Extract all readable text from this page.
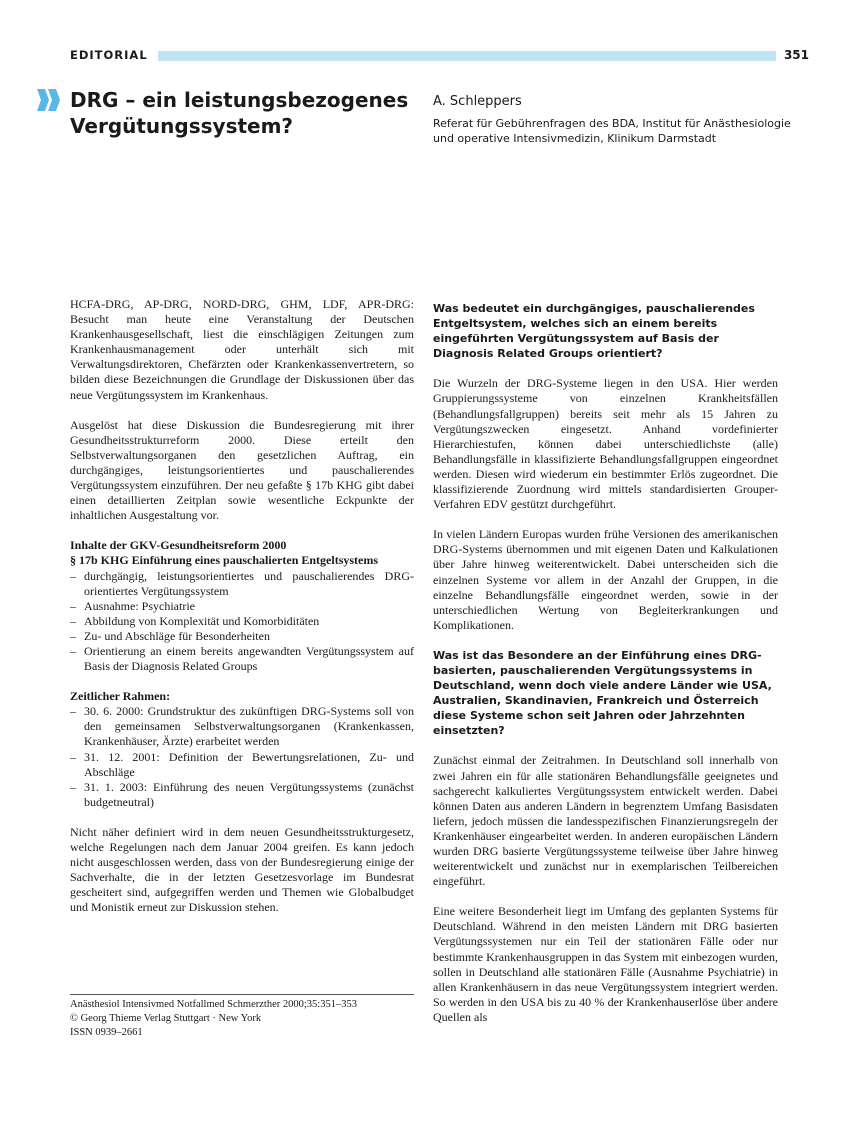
EDITORIAL	351
DRG – ein leistungsbezogenes
Vergütungssystem?
A. Schleppers
Referat für Gebührenfragen des BDA, Institut für Anästhesiologie
und operative Intensivmedizin, Klinikum Darmstadt

HCFA-DRG, AP-DRG, NORD-DRG, GHM, LDF, APR-DRG: Besucht man heute eine Veranstaltung der Deutschen Krankenhausgesellschaft, liest die einschlägigen Zeitungen zum Krankenhausmanagement oder unterhält sich mit Verwaltungsdirektoren, Chefärzten oder Krankenkassenvertretern, so bilden diese Bezeichnungen die Grundlage der Diskussionen über das neue Vergütungssystem im Krankenhaus.

Ausgelöst hat diese Diskussion die Bundesregierung mit ihrer Gesundheitsstrukturreform 2000. Diese erteilt den Selbstverwaltungsorganen den gesetzlichen Auftrag, ein durchgängiges, leistungsorientiertes und pauschalierendes Vergütungssystem einzuführen. Der neu gefaßte § 17b KHG gibt dabei einen detaillierten Zeitplan sowie wesentliche Eckpunkte der inhaltlichen Ausgestaltung vor.

Inhalte der GKV-Gesundheitsreform 2000
§ 17b KHG Einführung eines pauschalierten Entgeltsystems
– durchgängig, leistungsorientiertes und pauschalierendes DRG-orientiertes Vergütungssystem
– Ausnahme: Psychiatrie
– Abbildung von Komplexität und Komorbiditäten
– Zu- und Abschläge für Besonderheiten
– Orientierung an einem bereits angewandten Vergütungssystem auf Basis der Diagnosis Related Groups
Zeitlicher Rahmen:
– 30. 6. 2000: Grundstruktur des zukünftigen DRG-Systems soll von den gemeinsamen Selbstverwaltungsorganen (Krankenkassen, Krankenhäuser, Ärzte) erarbeitet werden
– 31. 12. 2001: Definition der Bewertungsrelationen, Zu- und Abschläge
– 31. 1. 2003: Einführung des neuen Vergütungssystems (zunächst budgetneutral)

Nicht näher definiert wird in dem neuen Gesundheitsstrukturgesetz, welche Regelungen nach dem Januar 2004 greifen. Es kann jedoch nicht ausgeschlossen werden, dass von der Bundesregierung einige der Sachverhalte, die in der letzten Gesetzesvorlage im Bundesrat gescheitert sind, aufgegriffen werden und Themen wie Globalbudget und Monistik erneut zur Diskussion stehen.

Anästhesiol Intensivmed Notfallmed Schmerzther 2000;35:351–353
© Georg Thieme Verlag Stuttgart · New York
ISSN 0939–2661
Was bedeutet ein durchgängiges, pauschalierendes Entgeltsystem, welches sich an einem bereits eingeführten Vergütungssystem auf Basis der Diagnosis Related Groups orientiert?

Die Wurzeln der DRG-Systeme liegen in den USA. Hier werden Gruppierungssysteme von einzelnen Krankheitsfällen (Behandlungsfallgruppen) bereits seit mehr als 15 Jahren zu Vergütungszwecken eingesetzt. Anhand vordefinierter Hierarchiestufen, können dabei unterschiedlichste (alle) Behandlungsfälle in klassifizierte Behandlungsfallgruppen eingeordnet werden. Diesen wird wiederum ein bestimmter Erlös zugeordnet. Die klassifizierende Zuordnung wird mittels standardisierten Grouper-Verfahren EDV gestützt durchgeführt.

In vielen Ländern Europas wurden frühe Versionen des amerikanischen DRG-Systems übernommen und mit eigenen Daten und Kalkulationen über Jahre hinweg weiterentwickelt. Dabei unterscheiden sich die einzelnen Systeme vor allem in der Anzahl der Gruppen, in die einzelne Behandlungsfälle eingeordnet werden, sowie in der unterschiedlichen Wertung von Begleiterkrankungen und Komplikationen.

Was ist das Besondere an der Einführung eines DRG-basierten, pauschalierenden Vergütungssystems in Deutschland, wenn doch viele andere Länder wie USA, Australien, Skandinavien, Frankreich und Österreich diese Systeme schon seit Jahren oder Jahrzehnten einsetzten?

Zunächst einmal der Zeitrahmen. In Deutschland soll innerhalb von zwei Jahren ein für alle stationären Behandlungsfälle geeignetes und sachgerecht kalkuliertes Vergütungssystem entwickelt werden. Dabei können Daten aus anderen Ländern in begrenztem Umfang Basisdaten liefern, jedoch müssen die landesspezifischen Finanzierungsregeln der Krankenhäuser eingearbeitet werden. In anderen europäischen Ländern wurden DRG basierte Vergütungssysteme teilweise über Jahre hinweg weiterentwickelt und zunächst nur in exemplarischen Teilbereichen eingeführt.

Eine weitere Besonderheit liegt im Umfang des geplanten Systems für Deutschland. Während in den meisten Ländern mit DRG basierten Vergütungssystemen nur ein Teil der stationären Fälle oder nur bestimmte Krankenhausgruppen in das System mit einbezogen wurden, sollen in Deutschland alle stationären Fälle (Ausnahme Psychiatrie) in allen Krankenhäusern in das neue Vergütungssystem integriert werden. So werden in den USA bis zu 40 % der Krankenhauserlöse über andere Quellen als
